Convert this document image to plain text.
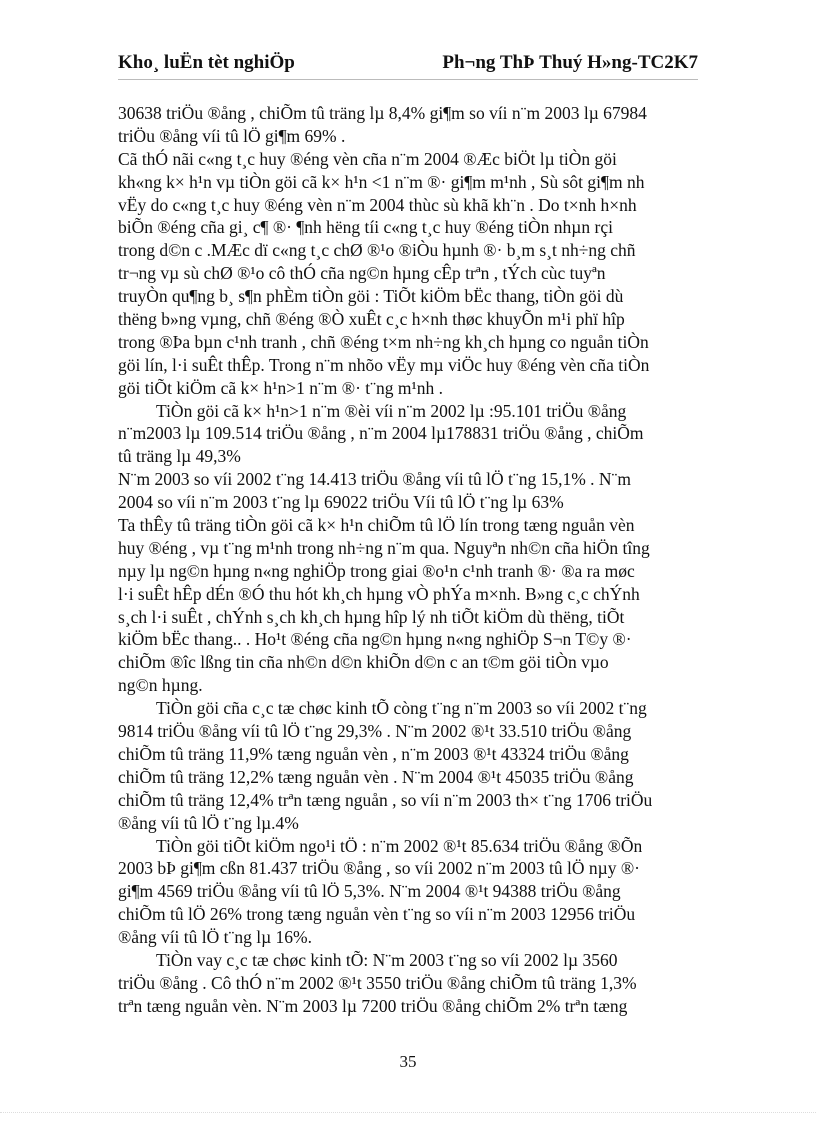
Kho¸ luËn tèt nghiÖp	Ph¬ng ThÞ Thuý H»ng-TC2K7
30638 triÖu ®ång , chiÕm tû träng lµ 8,4% gi¶m so víi n¨m 2003 lµ 67984
triÖu ®ång víi tû lÖ gi¶m 69% .
Cã thÓ nãi c«ng t¸c huy ®éng vèn cña n¨m 2004 ®Æc biÖt lµ tiÒn göi
kh«ng k× h¹n vµ tiÒn göi cã k× h¹n <1 n¨m ®· gi¶m m¹nh , Sù sôt gi¶m nh
vËy do c«ng t¸c huy ®éng vèn n¨m 2004 thùc sù khã kh¨n . Do t×nh h×nh
biÕn ®éng cña gi¸ c¶ ®· ¶nh hëng tíi c«ng t¸c huy ®éng tiÒn nhµn rçi
trong d©n c .MÆc dï c«ng t¸c chØ ®¹o ®iÒu hµnh ®· b¸m s¸t nh÷ng chñ
tr¬ng vµ sù chØ ®¹o cô thÓ cña ng©n hµng cÊp trªn , tÝch cùc tuyªn
truyÒn qu¶ng b¸ s¶n phÈm tiÒn göi : TiÕt kiÖm bËc thang, tiÒn göi dù
thëng b»ng vµng, chñ ®éng ®Ò xuÊt c¸c h×nh thøc khuyÕn m¹i phï hîp
trong ®Þa bµn c¹nh tranh , chñ ®éng t×m nh÷ng kh¸ch hµng co nguån tiÒn
göi lín, l·i suÊt thÊp. Trong n¨m nhõo vËy mµ viÖc huy ®éng vèn cña tiÒn
göi tiÕt kiÖm cã k× h¹n>1 n¨m ®· t¨ng m¹nh .
TiÒn göi cã k× h¹n>1 n¨m ®èi víi n¨m 2002 lµ :95.101 triÖu ®ång
n¨m2003 lµ 109.514 triÖu ®ång , n¨m 2004 lµ178831 triÖu ®ång , chiÕm
tû träng lµ 49,3%
N¨m 2003 so víi 2002 t¨ng 14.413 triÖu ®ång víi tû lÖ t¨ng 15,1% . N¨m
2004 so víi n¨m 2003 t¨ng lµ 69022 triÖu Víi tû lÖ t¨ng lµ 63%
Ta thÊy tû träng tiÒn göi cã k× h¹n chiÕm tû lÖ lín trong tæng nguån vèn
huy ®éng , vµ t¨ng m¹nh trong nh÷ng n¨m qua. Nguyªn nh©n cña hiÖn tîng
nµy lµ ng©n hµng n«ng nghiÖp trong giai ®o¹n c¹nh tranh ®· ®a ra møc
l·i suÊt hÊp dÉn ®Ó thu hót kh¸ch hµng vÒ phÝa m×nh. B»ng c¸c chÝnh
s¸ch l·i suÊt , chÝnh s¸ch kh¸ch hµng hîp lý nh tiÕt kiÖm dù thëng, tiÕt
kiÖm bËc thang.. . Ho¹t ®éng cña ng©n hµng n«ng nghiÖp S¬n T©y ®·
chiÕm ®îc lßng tin cña nh©n d©n khiÕn d©n c an t©m göi tiÒn vµo
ng©n hµng.
TiÒn göi cña c¸c tæ chøc kinh tÕ còng t¨ng n¨m 2003 so víi 2002 t¨ng
9814 triÖu ®ång víi tû lÖ t¨ng 29,3% . N¨m 2002 ®¹t 33.510 triÖu ®ång
chiÕm tû träng 11,9% tæng nguån vèn , n¨m 2003 ®¹t 43324 triÖu ®ång
chiÕm tû träng 12,2% tæng nguån vèn . N¨m 2004 ®¹t 45035 triÖu ®ång
chiÕm tû träng 12,4% trªn tæng nguån , so víi n¨m 2003 th× t¨ng 1706 triÖu
®ång víi tû lÖ t¨ng lµ.4%
TiÒn göi tiÕt kiÖm ngo¹i tÖ : n¨m 2002 ®¹t 85.634 triÖu ®ång ®Õn
2003 bÞ gi¶m cßn 81.437 triÖu ®ång , so víi 2002 n¨m 2003 tû lÖ nµy ®·
gi¶m 4569 triÖu ®ång víi tû lÖ 5,3%. N¨m 2004 ®¹t 94388 triÖu ®ång
chiÕm tû lÖ 26% trong tæng nguån vèn t¨ng so víi n¨m 2003 12956 triÖu
®ång víi tû lÖ t¨ng lµ 16%.
TiÒn vay c¸c tæ chøc kinh tÕ: N¨m 2003 t¨ng so víi 2002 lµ 3560
triÖu ®ång . Cô thÓ n¨m 2002 ®¹t 3550 triÖu ®ång chiÕm tû träng 1,3%
trªn tæng nguån vèn. N¨m 2003 lµ 7200 triÖu ®ång chiÕm 2% trªn tæng
35
